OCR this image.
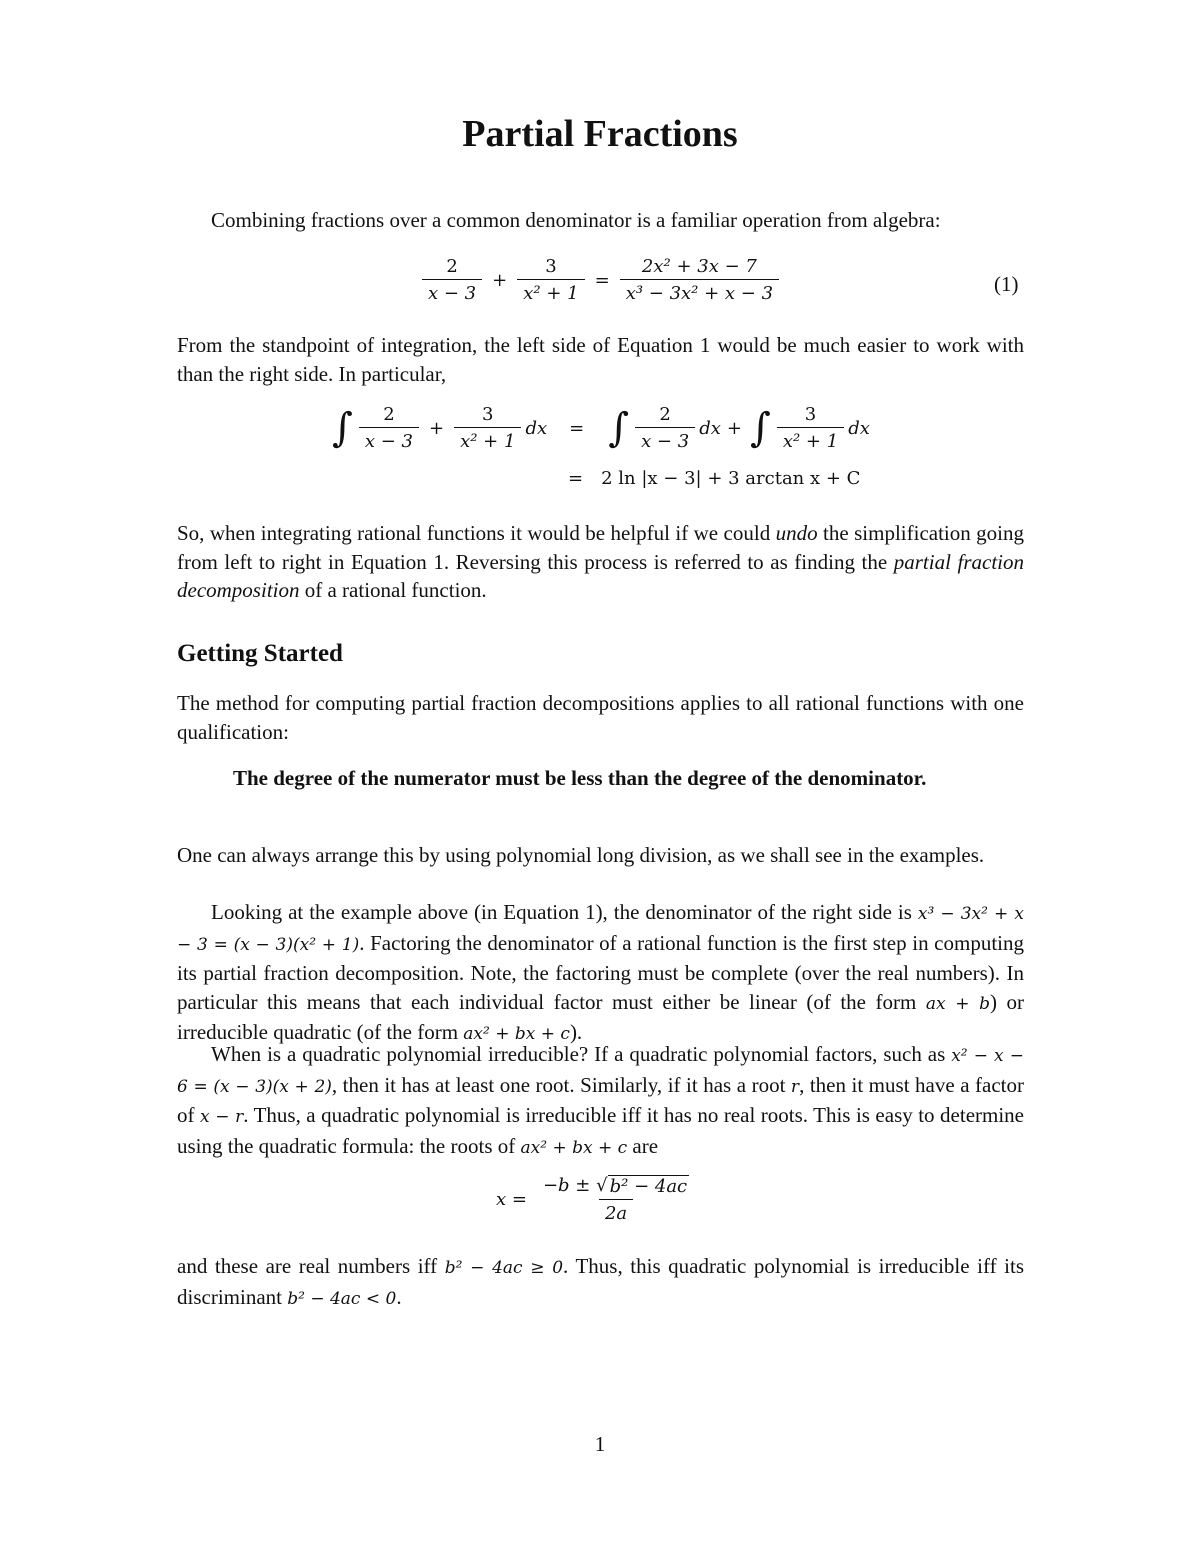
Partial Fractions

Combining fractions over a common denominator is a familiar operation from algebra:

$\frac{2}{x - 3} + \frac{3}{\text{x² + 1}} = \frac{\text{2x² + 3x − 7}}{\text{x³ − 3x² + x − 3}}$	(1)

From the standpoint of integration, the left side of Equation 1 would be much easier to work with than the right side. In particular,

∫ $\frac{2}{x - 3} + \frac{3}{\text{x² + 1}}$ dx = ∫ $\frac{2}{x - 3}$ dx + ∫ $\frac{3}{\text{x² + 1}}$ dx
= 2 ln |x − 3| + 3 arctan x + C

So, when integrating rational functions it would be helpful if we could undo the simplification going from left to right in Equation 1. Reversing this process is referred to as finding the partial fraction decomposition of a rational function.

Getting Started

The method for computing partial fraction decompositions applies to all rational functions with one qualification:

The degree of the numerator must be less than the degree of the denominator.

One can always arrange this by using polynomial long division, as we shall see in the examples.

Looking at the example above (in Equation 1), the denominator of the right side is x³ − 3x² + x − 3 = (x − 3)(x² + 1). Factoring the denominator of a rational function is the first step in computing its partial fraction decomposition. Note, the factoring must be complete (over the real numbers). In particular this means that each individual factor must either be linear (of the form ax + b) or irreducible quadratic (of the form ax² + bx + c).

When is a quadratic polynomial irreducible? If a quadratic polynomial factors, such as x² − x − 6 = (x − 3)(x + 2), then it has at least one root. Similarly, if it has a root r, then it must have a factor of x − r. Thus, a quadratic polynomial is irreducible iff it has no real roots. This is easy to determine using the quadratic formula: the roots of ax² + bx + c are

$x = \frac{\text{−b ± √ b² − 4ac}}{2a}$

and these are real numbers iff b² − 4ac ≥ 0. Thus, this quadratic polynomial is irreducible iff its discriminant b² − 4ac < 0.

1
